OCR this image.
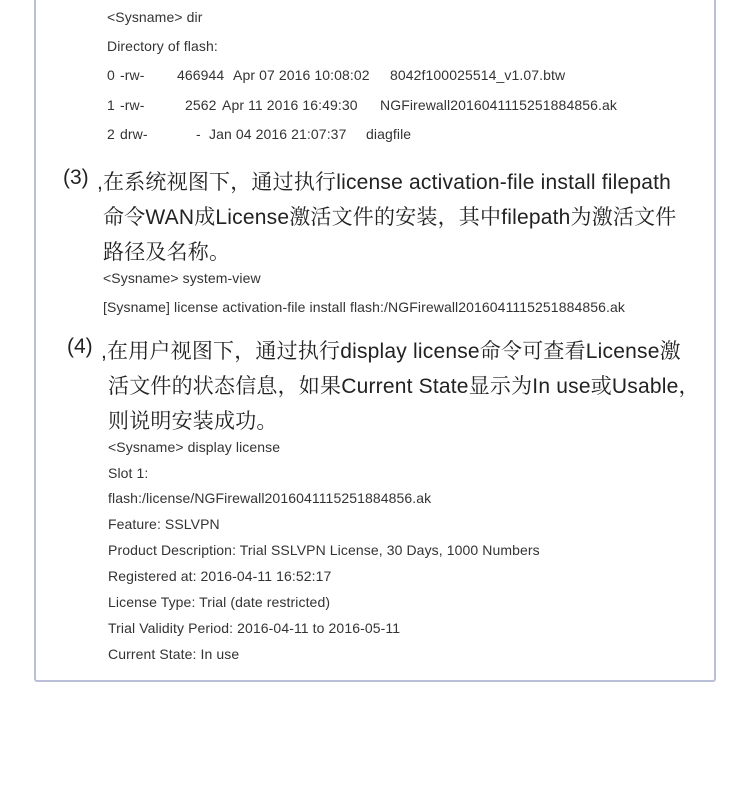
<Sysname> dir
Directory of flash:
0 -rw- 466944 Apr 07 2016 10:08:02 8042f100025514_v1.07.btw
1 -rw-	2562 Apr 11 2016 16:49:30 NGFirewall2016041115251884856.ak
2 drw-	- Jan 04 2016 21:07:37 diagfile
(3) ,在系统视图下，通过执行license activation-file install filepath
命令WAN成License激活文件的安装，其中filepath为激活文件
路径及名称。
<Sysname> system-view
[Sysname] license activation-file install flash:/NGFirewall2016041115251884856.ak
(4) ,在用户视图下，通过执行display license命令可查看License激
活文件的状态信息，如果Current State显示为In use或Usable，
则说明安装成功。
<Sysname> display license
Slot 1:
flash:/license/NGFirewall2016041115251884856.ak
Feature: SSLVPN
Product Description: Trial SSLVPN License, 30 Days, 1000 Numbers
Registered at: 2016-04-11 16:52:17
License Type: Trial (date restricted)
Trial Validity Period: 2016-04-11 to 2016-05-11
Current State: In use
